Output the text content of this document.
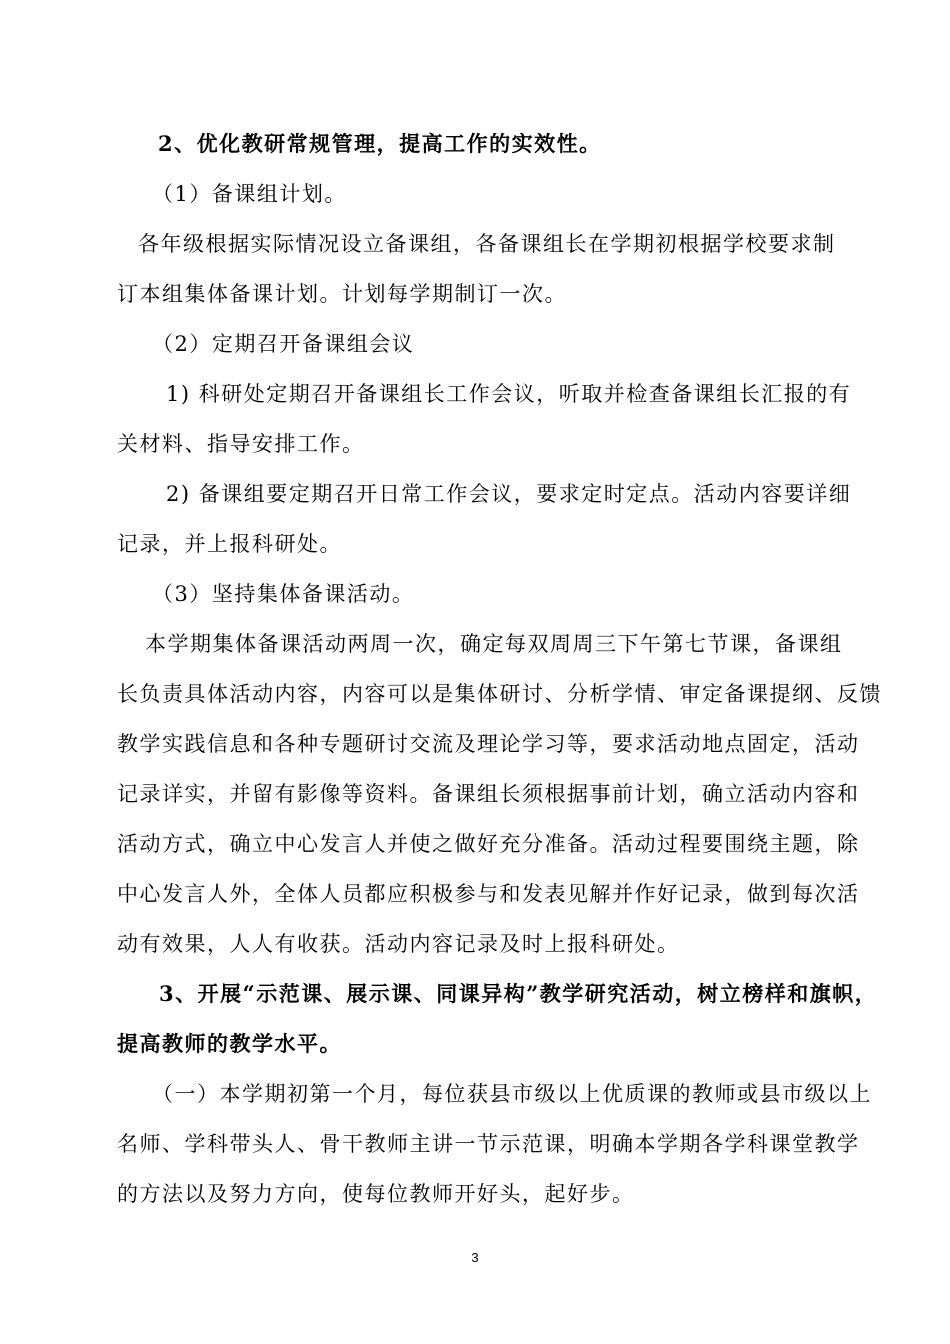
2、优化教研常规管理，提高工作的实效性。
（1）备课组计划。
各年级根据实际情况设立备课组，各备课组长在学期初根据学校要求制
订本组集体备课计划。计划每学期制订一次。
（2）定期召开备课组会议
1) 科研处定期召开备课组长工作会议，听取并检查备课组长汇报的有
关材料、指导安排工作。
2) 备课组要定期召开日常工作会议，要求定时定点。活动内容要详细
记录，并上报科研处。
（3）坚持集体备课活动。
本学期集体备课活动两周一次，确定每双周周三下午第七节课，备课组
长负责具体活动内容，内容可以是集体研讨、分析学情、审定备课提纲、反馈
教学实践信息和各种专题研讨交流及理论学习等，要求活动地点固定，活动
记录详实，并留有影像等资料。备课组长须根据事前计划，确立活动内容和
活动方式，确立中心发言人并使之做好充分准备。活动过程要围绕主题，除
中心发言人外，全体人员都应积极参与和发表见解并作好记录，做到每次活
动有效果，人人有收获。活动内容记录及时上报科研处。
3、开展“示范课、展示课、同课异构”教学研究活动，树立榜样和旗帜，
提高教师的教学水平。
（一）本学期初第一个月，每位获县市级以上优质课的教师或县市级以上
名师、学科带头人、骨干教师主讲一节示范课，明确本学期各学科课堂教学
的方法以及努力方向，使每位教师开好头，起好步。
3
